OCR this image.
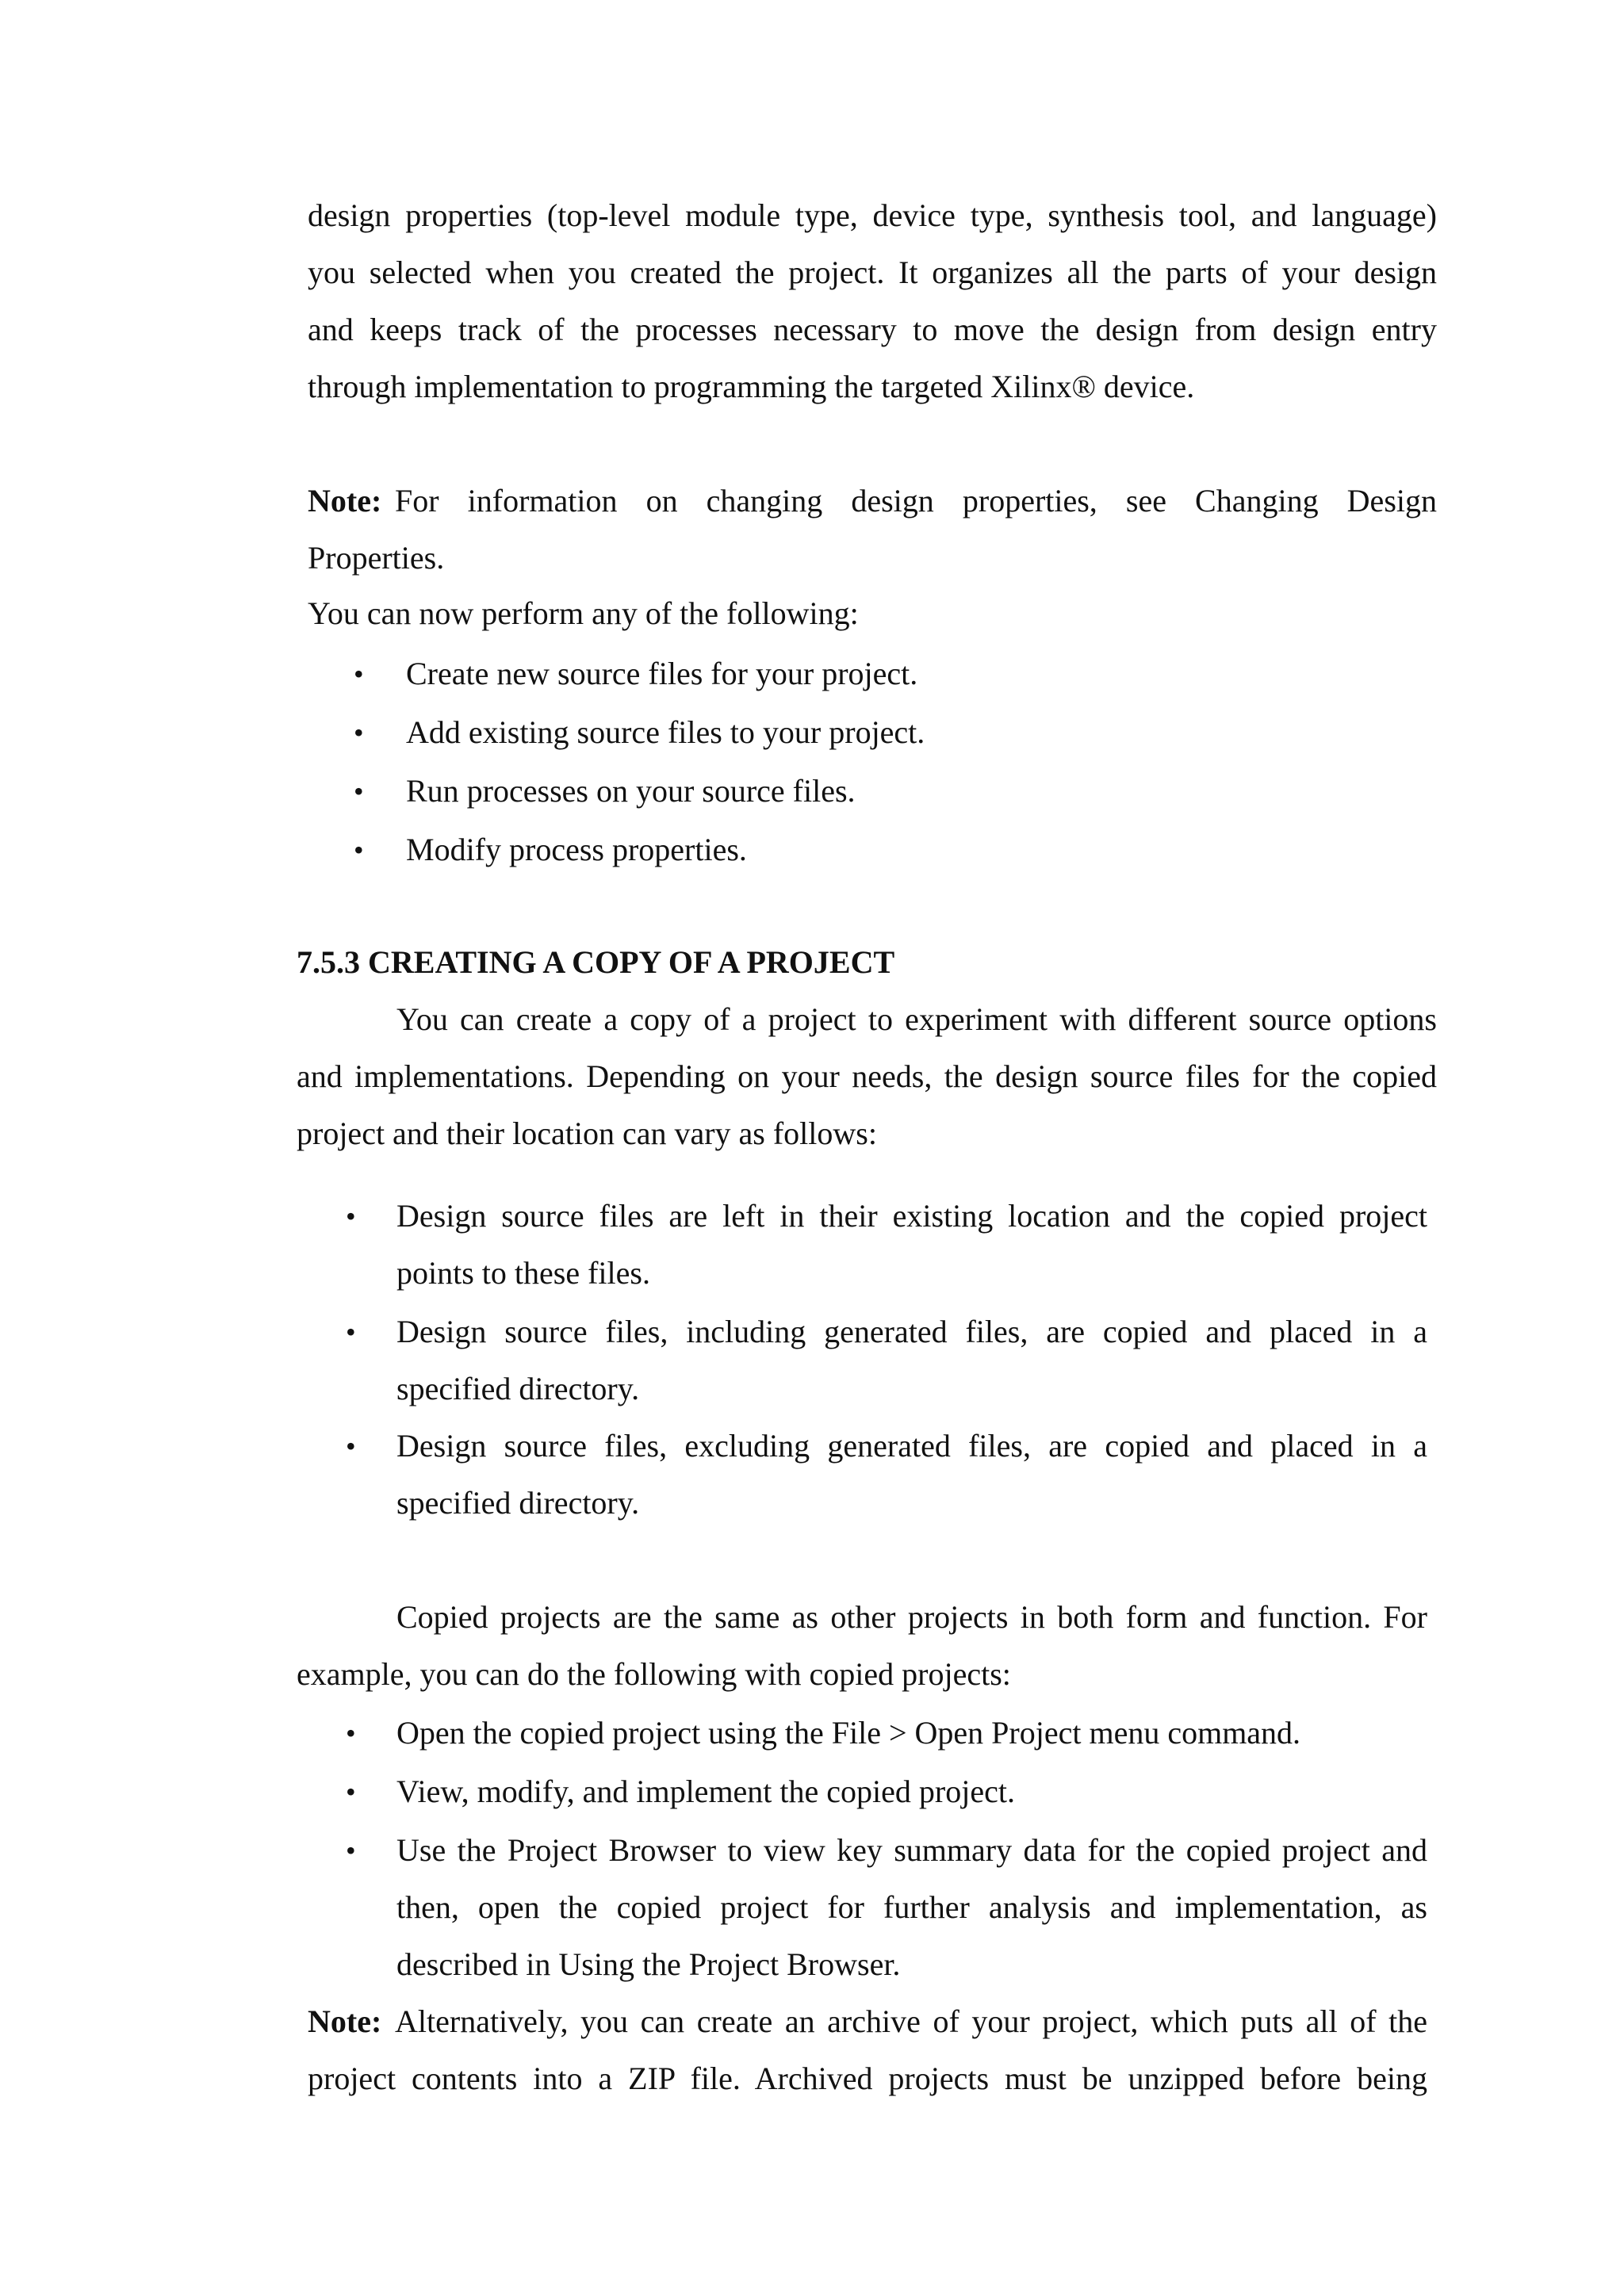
design properties (top-level module type, device type, synthesis tool, and language)
you selected when you created the project. It organizes all the parts of your design
and keeps track of the processes necessary to move the design from design entry
through implementation to programming the targeted Xilinx® device.
Note: For information on changing design properties, see Changing Design
Properties.
You can now perform any of the following:
• Create new source files for your project.
• Add existing source files to your project.
• Run processes on your source files.
• Modify process properties.
7.5.3 CREATING A COPY OF A PROJECT
You can create a copy of a project to experiment with different source options
and implementations. Depending on your needs, the design source files for the copied
project and their location can vary as follows:
• Design source files are left in their existing location and the copied project
points to these files.
• Design source files, including generated files, are copied and placed in a
specified directory.
• Design source files, excluding generated files, are copied and placed in a
specified directory.
Copied projects are the same as other projects in both form and function. For
example, you can do the following with copied projects:
• Open the copied project using the File > Open Project menu command.
• View, modify, and implement the copied project.
• Use the Project Browser to view key summary data for the copied project and
then, open the copied project for further analysis and implementation, as
described in Using the Project Browser.
Note: Alternatively, you can create an archive of your project, which puts all of the
project contents into a ZIP file. Archived projects must be unzipped before being
